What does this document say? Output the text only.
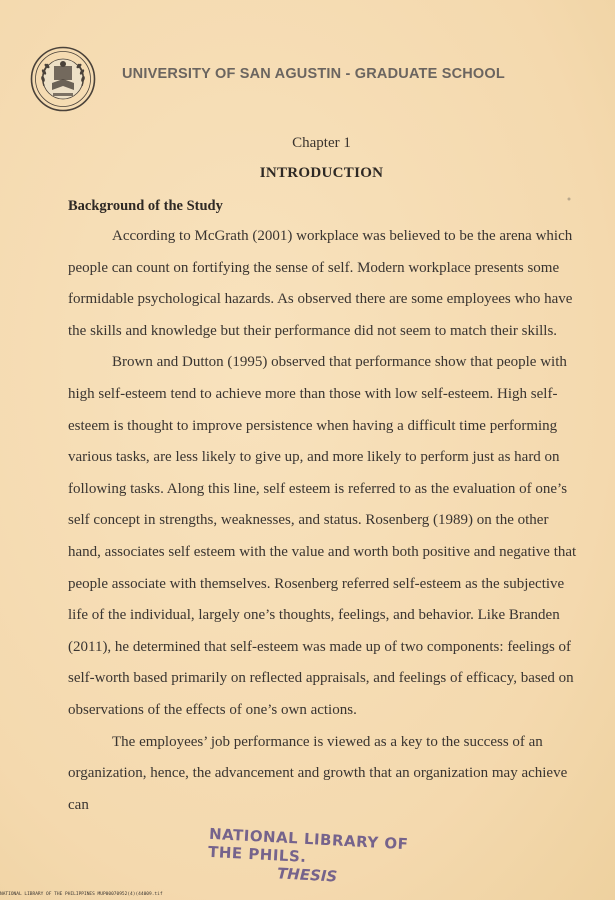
UNIVERSITY OF SAN AGUSTIN - GRADUATE SCHOOL
Chapter 1
INTRODUCTION
Background of the Study

According to McGrath (2001) workplace was believed to be the arena which people can count on fortifying the sense of self. Modern workplace presents some formidable psychological hazards. As observed there are some employees who have the skills and knowledge but their performance did not seem to match their skills.

Brown and Dutton (1995) observed that performance show that people with high self-esteem tend to achieve more than those with low self-esteem. High self-esteem is thought to improve persistence when having a difficult time performing various tasks, are less likely to give up, and more likely to perform just as hard on following tasks. Along this line, self esteem is referred to as the evaluation of one’s self concept in strengths, weaknesses, and status. Rosenberg (1989) on the other hand, associates self esteem with the value and worth both positive and negative that people associate with themselves. Rosenberg referred self-esteem as the subjective life of the individual, largely one’s thoughts, feelings, and behavior. Like Branden (2011), he determined that self-esteem was made up of two components: feelings of self-worth based primarily on reflected appraisals, and feelings of efficacy, based on observations of the effects of one’s own actions.

The employees’ job performance is viewed as a key to the success of an organization, hence, the advancement and growth that an organization may achieve can

NATIONAL LIBRARY OF THE PHILS.
THESIS
NATIONAL LIBRARY OF THE PHILIPPINES MUP00070952(4)(44009.tif
